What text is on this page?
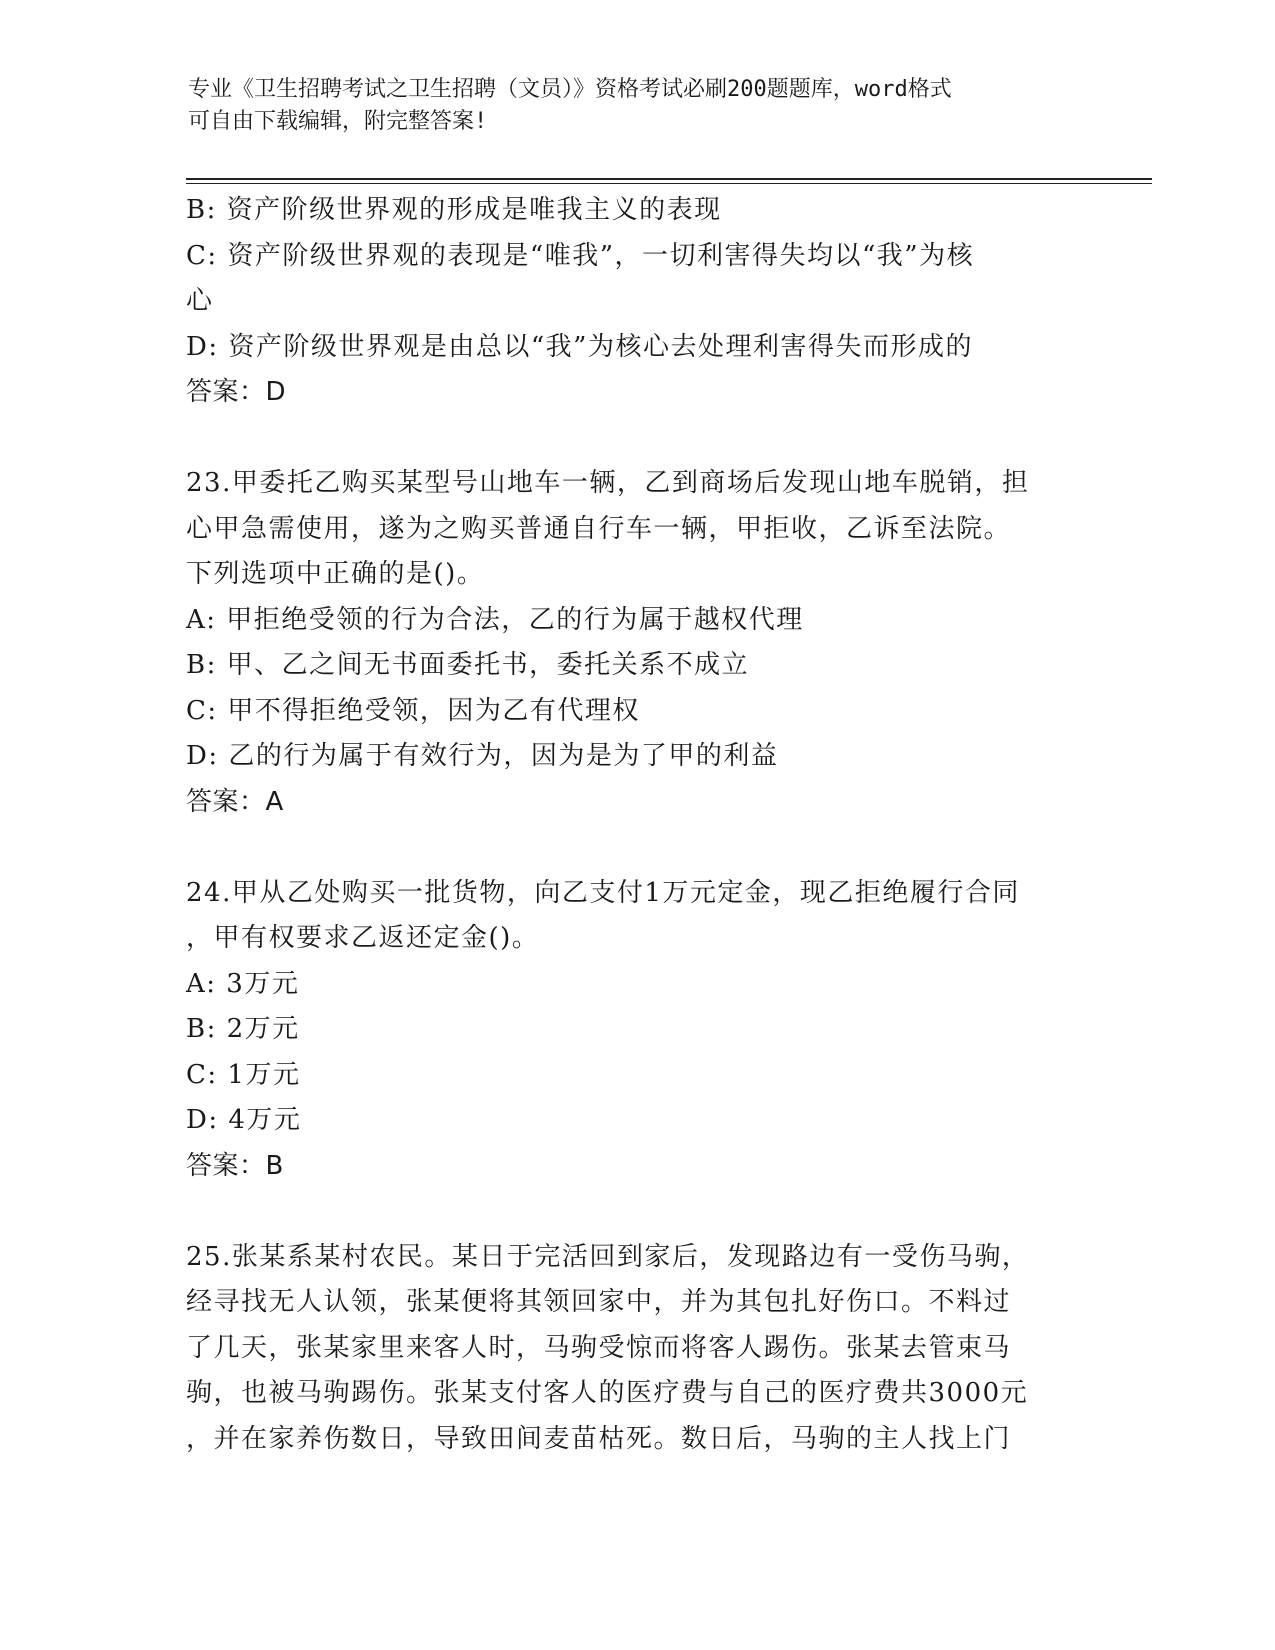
专业《卫生招聘考试之卫生招聘（文员）》资格考试必刷200题题库，word格式
可自由下载编辑，附完整答案!
B: 资产阶级世界观的形成是唯我主义的表现
C: 资产阶级世界观的表现是“唯我”，一切利害得失均以“我”为核
心
D: 资产阶级世界观是由总以“我”为核心去处理利害得失而形成的
答案：D
23.甲委托乙购买某型号山地车一辆，乙到商场后发现山地车脱销，担
心甲急需使用，遂为之购买普通自行车一辆，甲拒收，乙诉至法院。
下列选项中正确的是()。
A: 甲拒绝受领的行为合法，乙的行为属于越权代理
B: 甲、乙之间无书面委托书，委托关系不成立
C: 甲不得拒绝受领，因为乙有代理权
D: 乙的行为属于有效行为，因为是为了甲的利益
答案：A
24.甲从乙处购买一批货物，向乙支付1万元定金，现乙拒绝履行合同
，甲有权要求乙返还定金()。
A: 3万元
B: 2万元
C: 1万元
D: 4万元
答案：B
25.张某系某村农民。某日于完活回到家后，发现路边有一受伤马驹，
经寻找无人认领，张某便将其领回家中，并为其包扎好伤口。不料过
了几天，张某家里来客人时，马驹受惊而将客人踢伤。张某去管束马
驹，也被马驹踢伤。张某支付客人的医疗费与自己的医疗费共3000元
，并在家养伤数日，导致田间麦苗枯死。数日后，马驹的主人找上门
